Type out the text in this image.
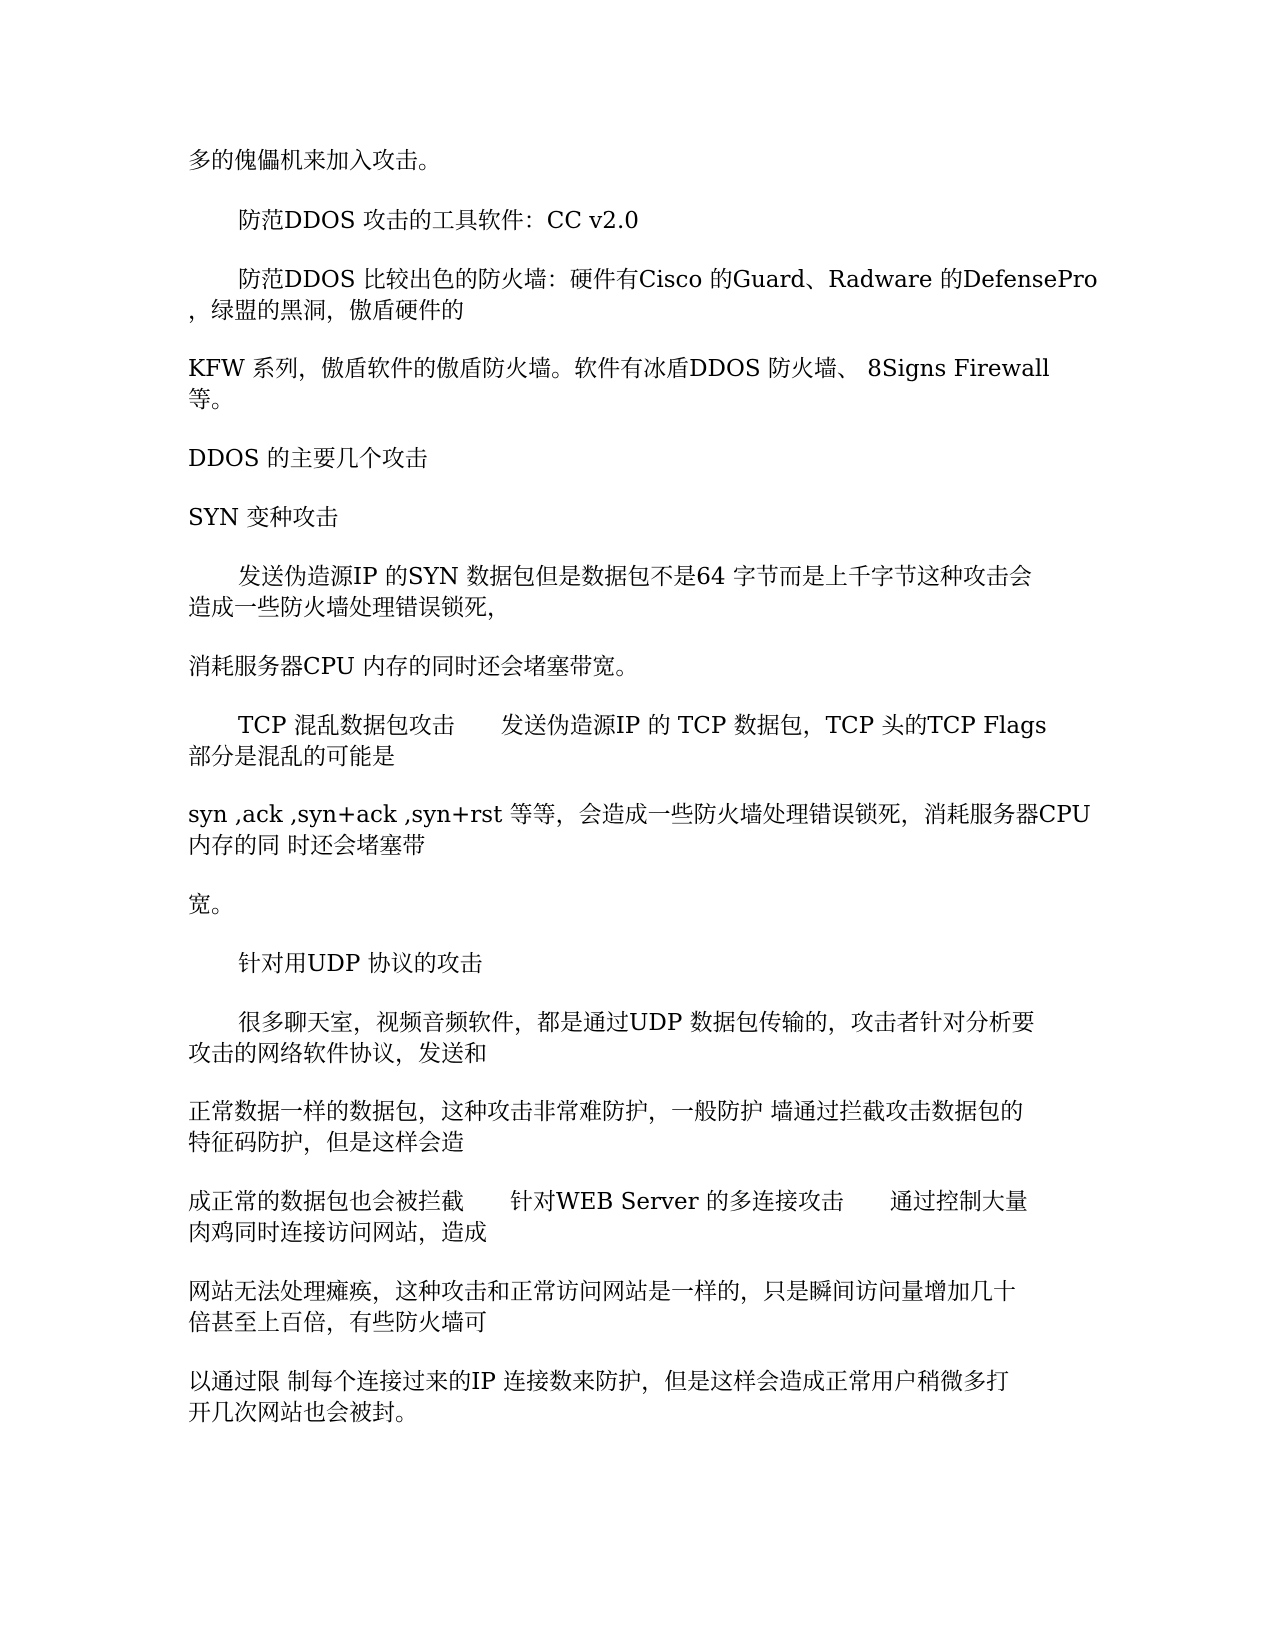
多的傀儡机来加入攻击。

防范DDOS 攻击的工具软件：CC v2.0

防范DDOS 比较出色的防火墙：硬件有Cisco 的Guard、Radware 的DefensePro

，绿盟的黑洞，傲盾硬件的

KFW 系列，傲盾软件的傲盾防火墙。软件有冰盾DDOS 防火墙、 8Signs Firewall

等。

DDOS 的主要几个攻击

SYN 变种攻击

发送伪造源IP 的SYN 数据包但是数据包不是64 字节而是上千字节这种攻击会

造成一些防火墙处理错误锁死，

消耗服务器CPU 内存的同时还会堵塞带宽。

TCP 混乱数据包攻击　　发送伪造源IP 的 TCP 数据包，TCP 头的TCP Flags

部分是混乱的可能是

syn ,ack ,syn+ack ,syn+rst 等等，会造成一些防火墙处理错误锁死，消耗服务器CPU

内存的同 时还会堵塞带

宽。

针对用UDP 协议的攻击

很多聊天室，视频音频软件，都是通过UDP 数据包传输的，攻击者针对分析要

攻击的网络软件协议，发送和

正常数据一样的数据包，这种攻击非常难防护，一般防护 墙通过拦截攻击数据包的

特征码防护，但是这样会造

成正常的数据包也会被拦截　　针对WEB Server 的多连接攻击　　通过控制大量

肉鸡同时连接访问网站，造成

网站无法处理瘫痪，这种攻击和正常访问网站是一样的，只是瞬间访问量增加几十

倍甚至上百倍，有些防火墙可

以通过限 制每个连接过来的IP 连接数来防护，但是这样会造成正常用户稍微多打

开几次网站也会被封。
